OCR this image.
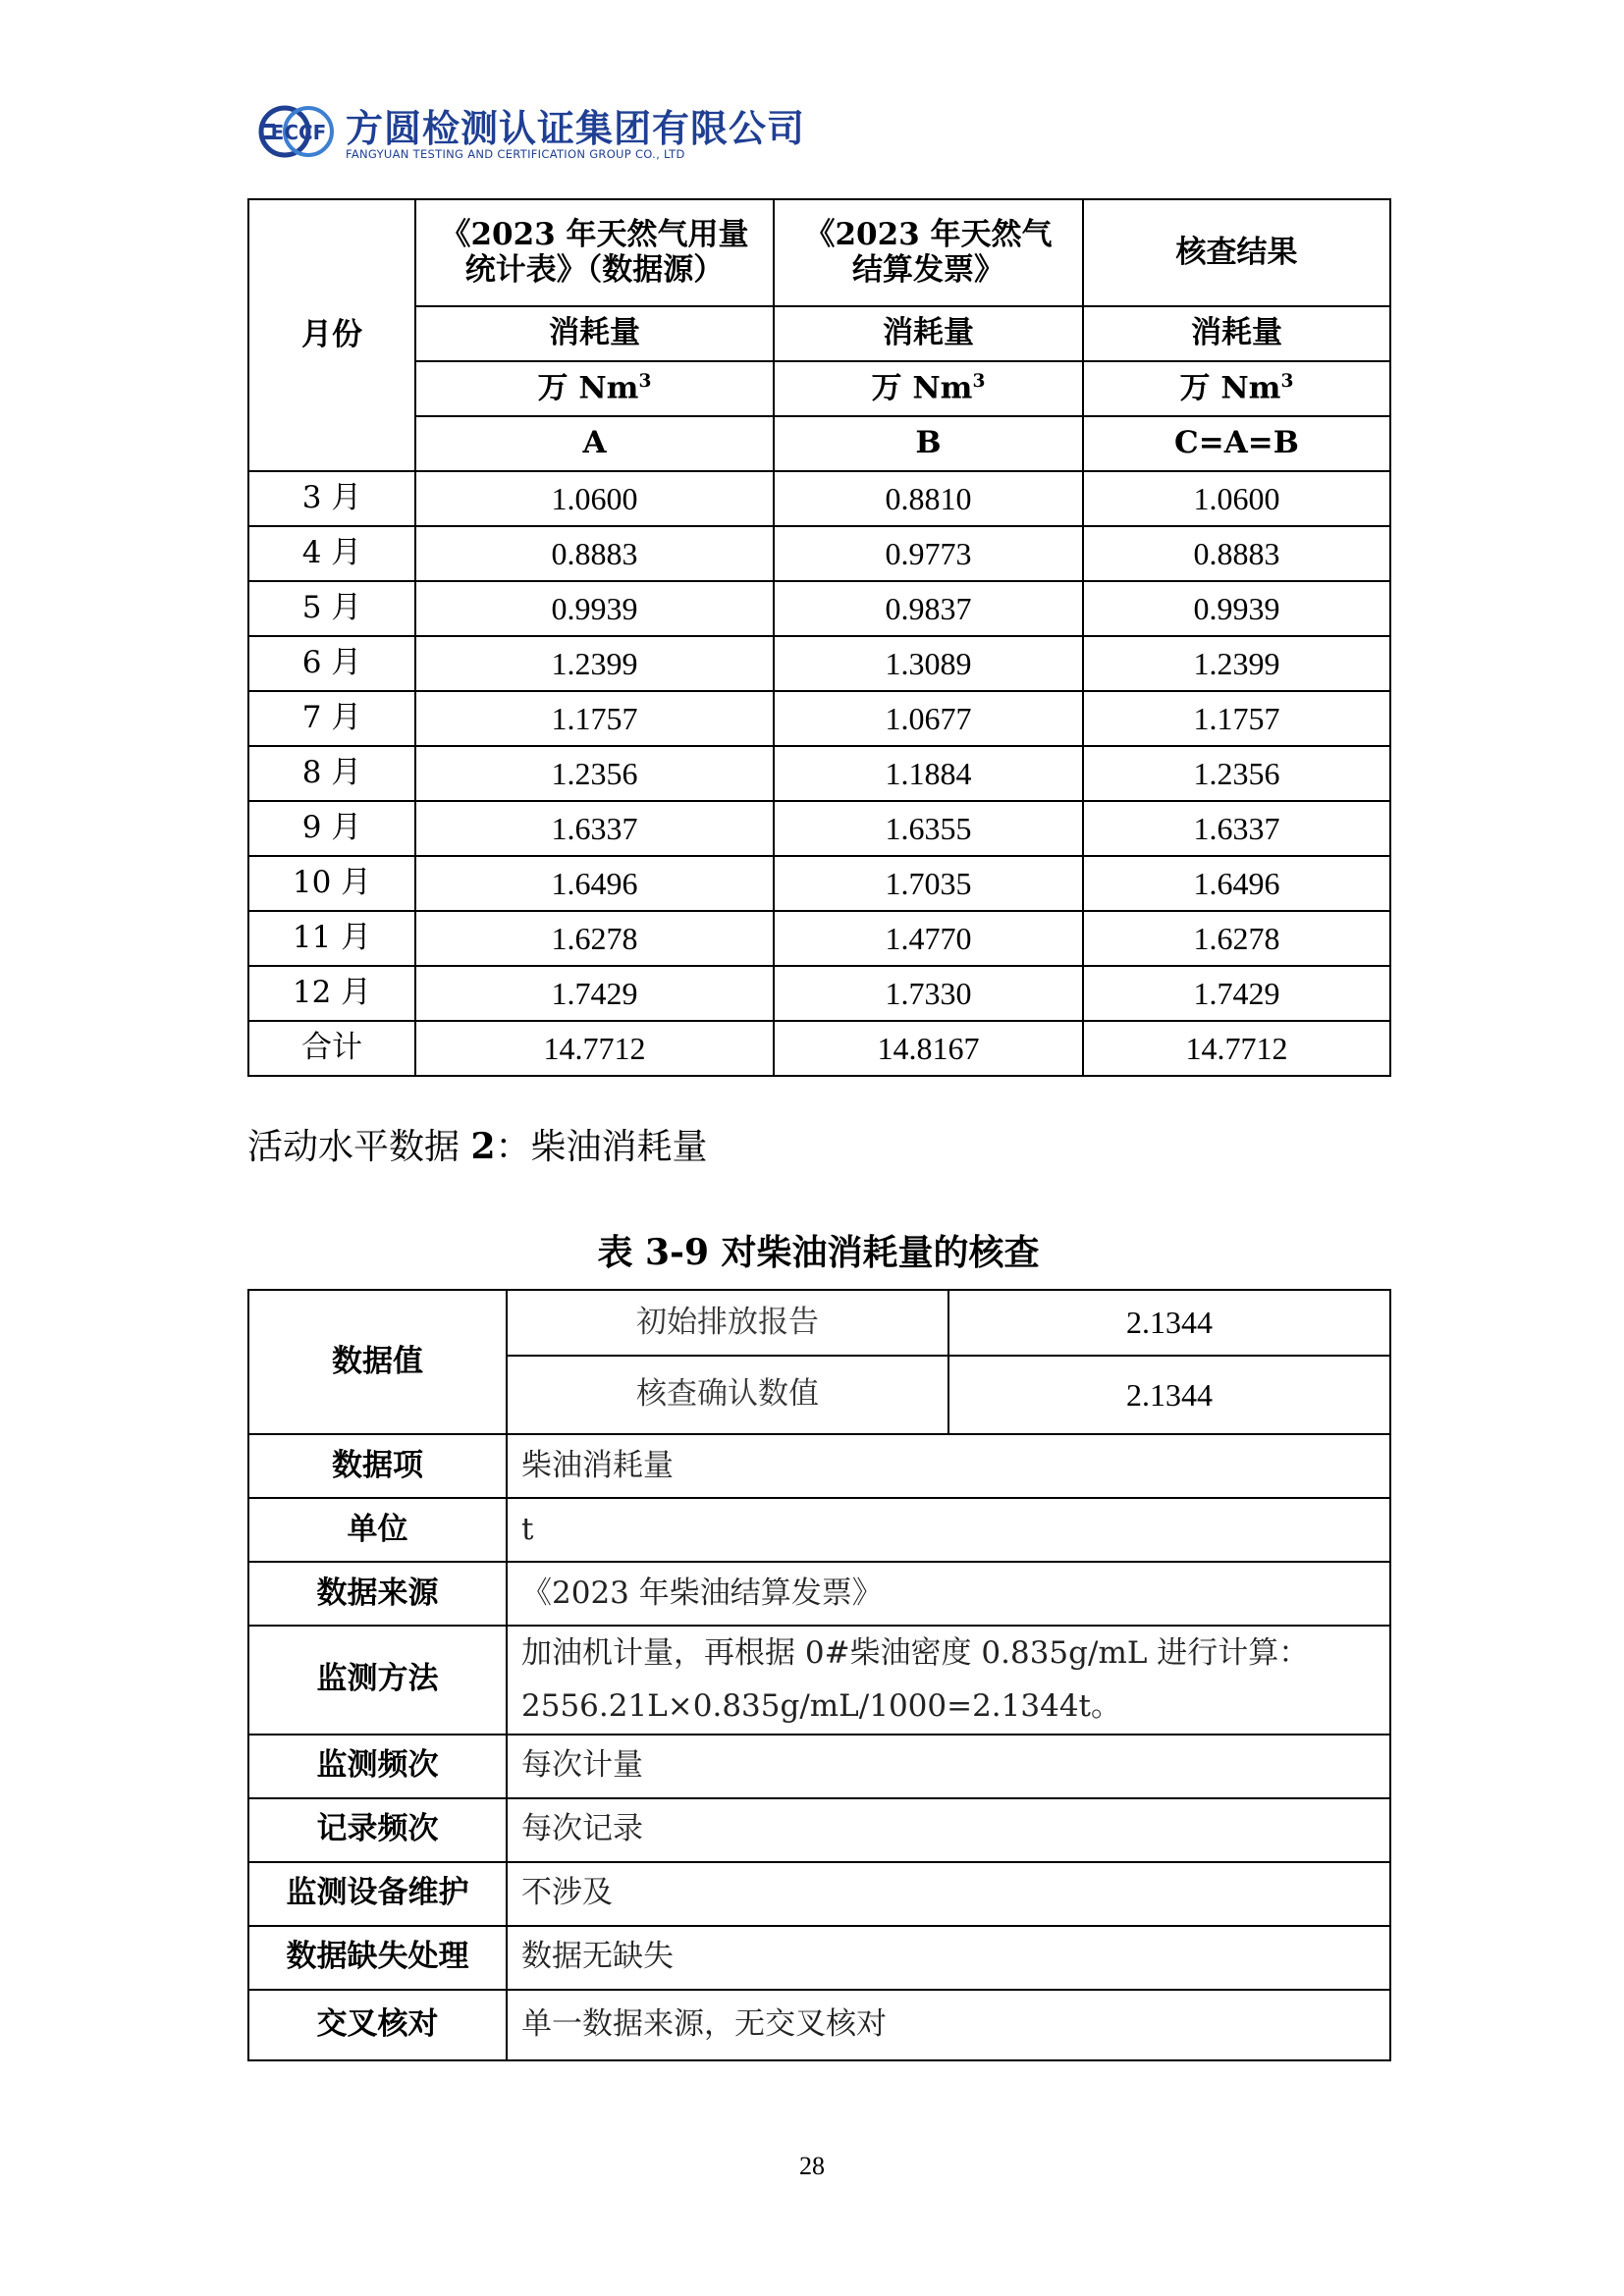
ECCF 方圆检测认证集团有限公司
FANGYUAN TESTING AND CERTIFICATION GROUP CO., LTD
月份	《2023 年天然气用量统计表》（数据源）	《2023 年天然气结算发票》	核查结果
	消耗量	消耗量	消耗量
	万 Nm$^3$	万 Nm$^3$	万 Nm$^3$
	A	B	C=A=B
3 月	1.0600	0.8810	1.0600
4 月	0.8883	0.9773	0.8883
5 月	0.9939	0.9837	0.9939
6 月	1.2399	1.3089	1.2399
7 月	1.1757	1.0677	1.1757
8 月	1.2356	1.1884	1.2356
9 月	1.6337	1.6355	1.6337
10 月	1.6496	1.7035	1.6496
11 月	1.6278	1.4770	1.6278
12 月	1.7429	1.7330	1.7429
合计	14.7712	14.8167	14.7712
活动水平数据 2：柴油消耗量
表 3-9 对柴油消耗量的核查
数据值	初始排放报告	2.1344
	核查确认数值	2.1344
数据项	柴油消耗量	
单位	t	
数据来源	《2023 年柴油结算发票》	
监测方法	加油机计量，再根据 0#柴油密度 0.835g/mL 进行计算：
2556.21L×0.835g/mL/1000=2.1344t。	

监测频次	每次计量	
记录频次	每次记录	
监测设备维护	不涉及	
数据缺失处理	数据无缺失	
交叉核对	单一数据来源，无交叉核对	
28
